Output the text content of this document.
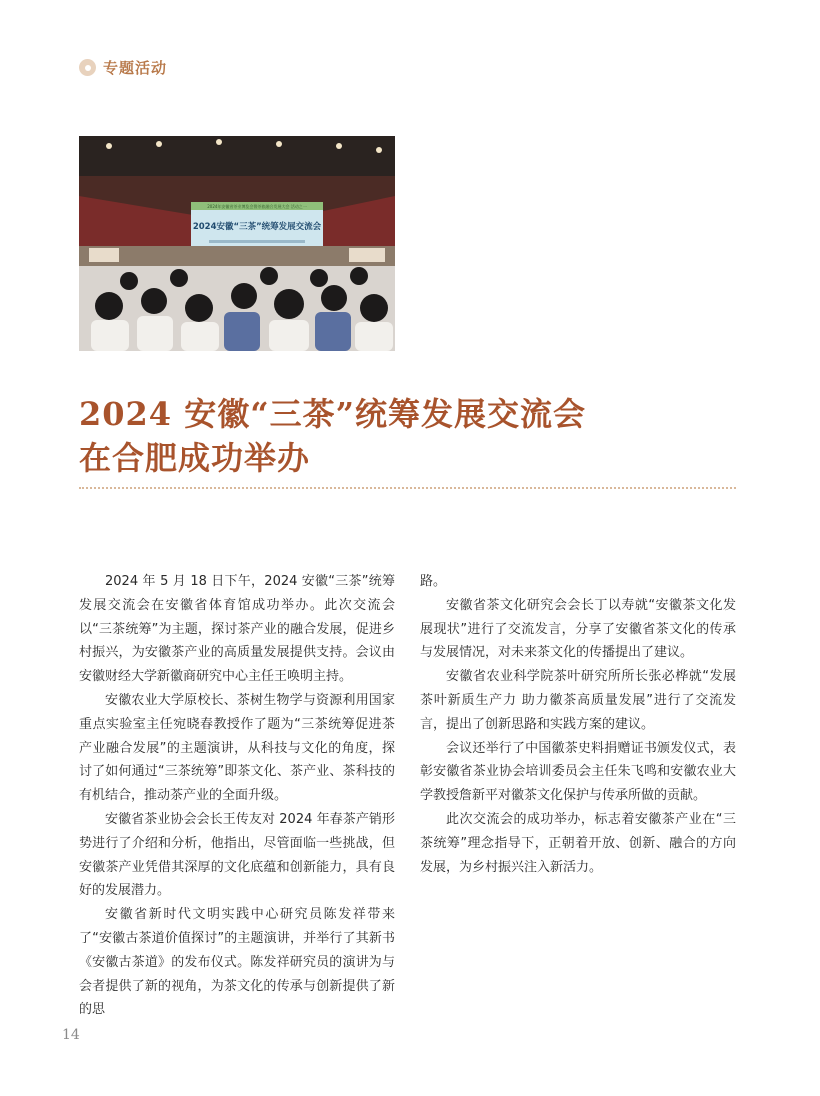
专题活动
2024年安徽省茶业博览会暨茶旅融合发展大会 活动之一
2024安徽“三茶”统筹发展交流会
2024 安徽“三茶”统筹发展交流会
在合肥成功举办

2024 年 5 月 18 日下午，2024 安徽“三茶”统筹发展交流会在安徽省体育馆成功举办。此次交流会以“三茶统筹”为主题，探讨茶产业的融合发展，促进乡村振兴，为安徽茶产业的高质量发展提供支持。会议由安徽财经大学新徽商研究中心主任王唤明主持。

安徽农业大学原校长、茶树生物学与资源利用国家重点实验室主任宛晓春教授作了题为“三茶统筹促进茶产业融合发展”的主题演讲，从科技与文化的角度，探讨了如何通过“三茶统筹”即茶文化、茶产业、茶科技的有机结合，推动茶产业的全面升级。

安徽省茶业协会会长王传友对 2024 年春茶产销形势进行了介绍和分析，他指出，尽管面临一些挑战，但安徽茶产业凭借其深厚的文化底蕴和创新能力，具有良好的发展潜力。

安徽省新时代文明实践中心研究员陈发祥带来了“安徽古茶道价值探讨”的主题演讲，并举行了其新书《安徽古茶道》的发布仪式。陈发祥研究员的演讲为与会者提供了新的视角，为茶文化的传承与创新提供了新的思

路。

安徽省茶文化研究会会长丁以寿就“安徽茶文化发展现状”进行了交流发言，分享了安徽省茶文化的传承与发展情况，对未来茶文化的传播提出了建议。

安徽省农业科学院茶叶研究所所长张必桦就“发展茶叶新质生产力 助力徽茶高质量发展”进行了交流发言，提出了创新思路和实践方案的建议。

会议还举行了中国徽茶史料捐赠证书颁发仪式，表彰安徽省茶业协会培训委员会主任朱飞鸣和安徽农业大学教授詹新平对徽茶文化保护与传承所做的贡献。

此次交流会的成功举办，标志着安徽茶产业在“三茶统筹”理念指导下，正朝着开放、创新、融合的方向发展，为乡村振兴注入新活力。

14
